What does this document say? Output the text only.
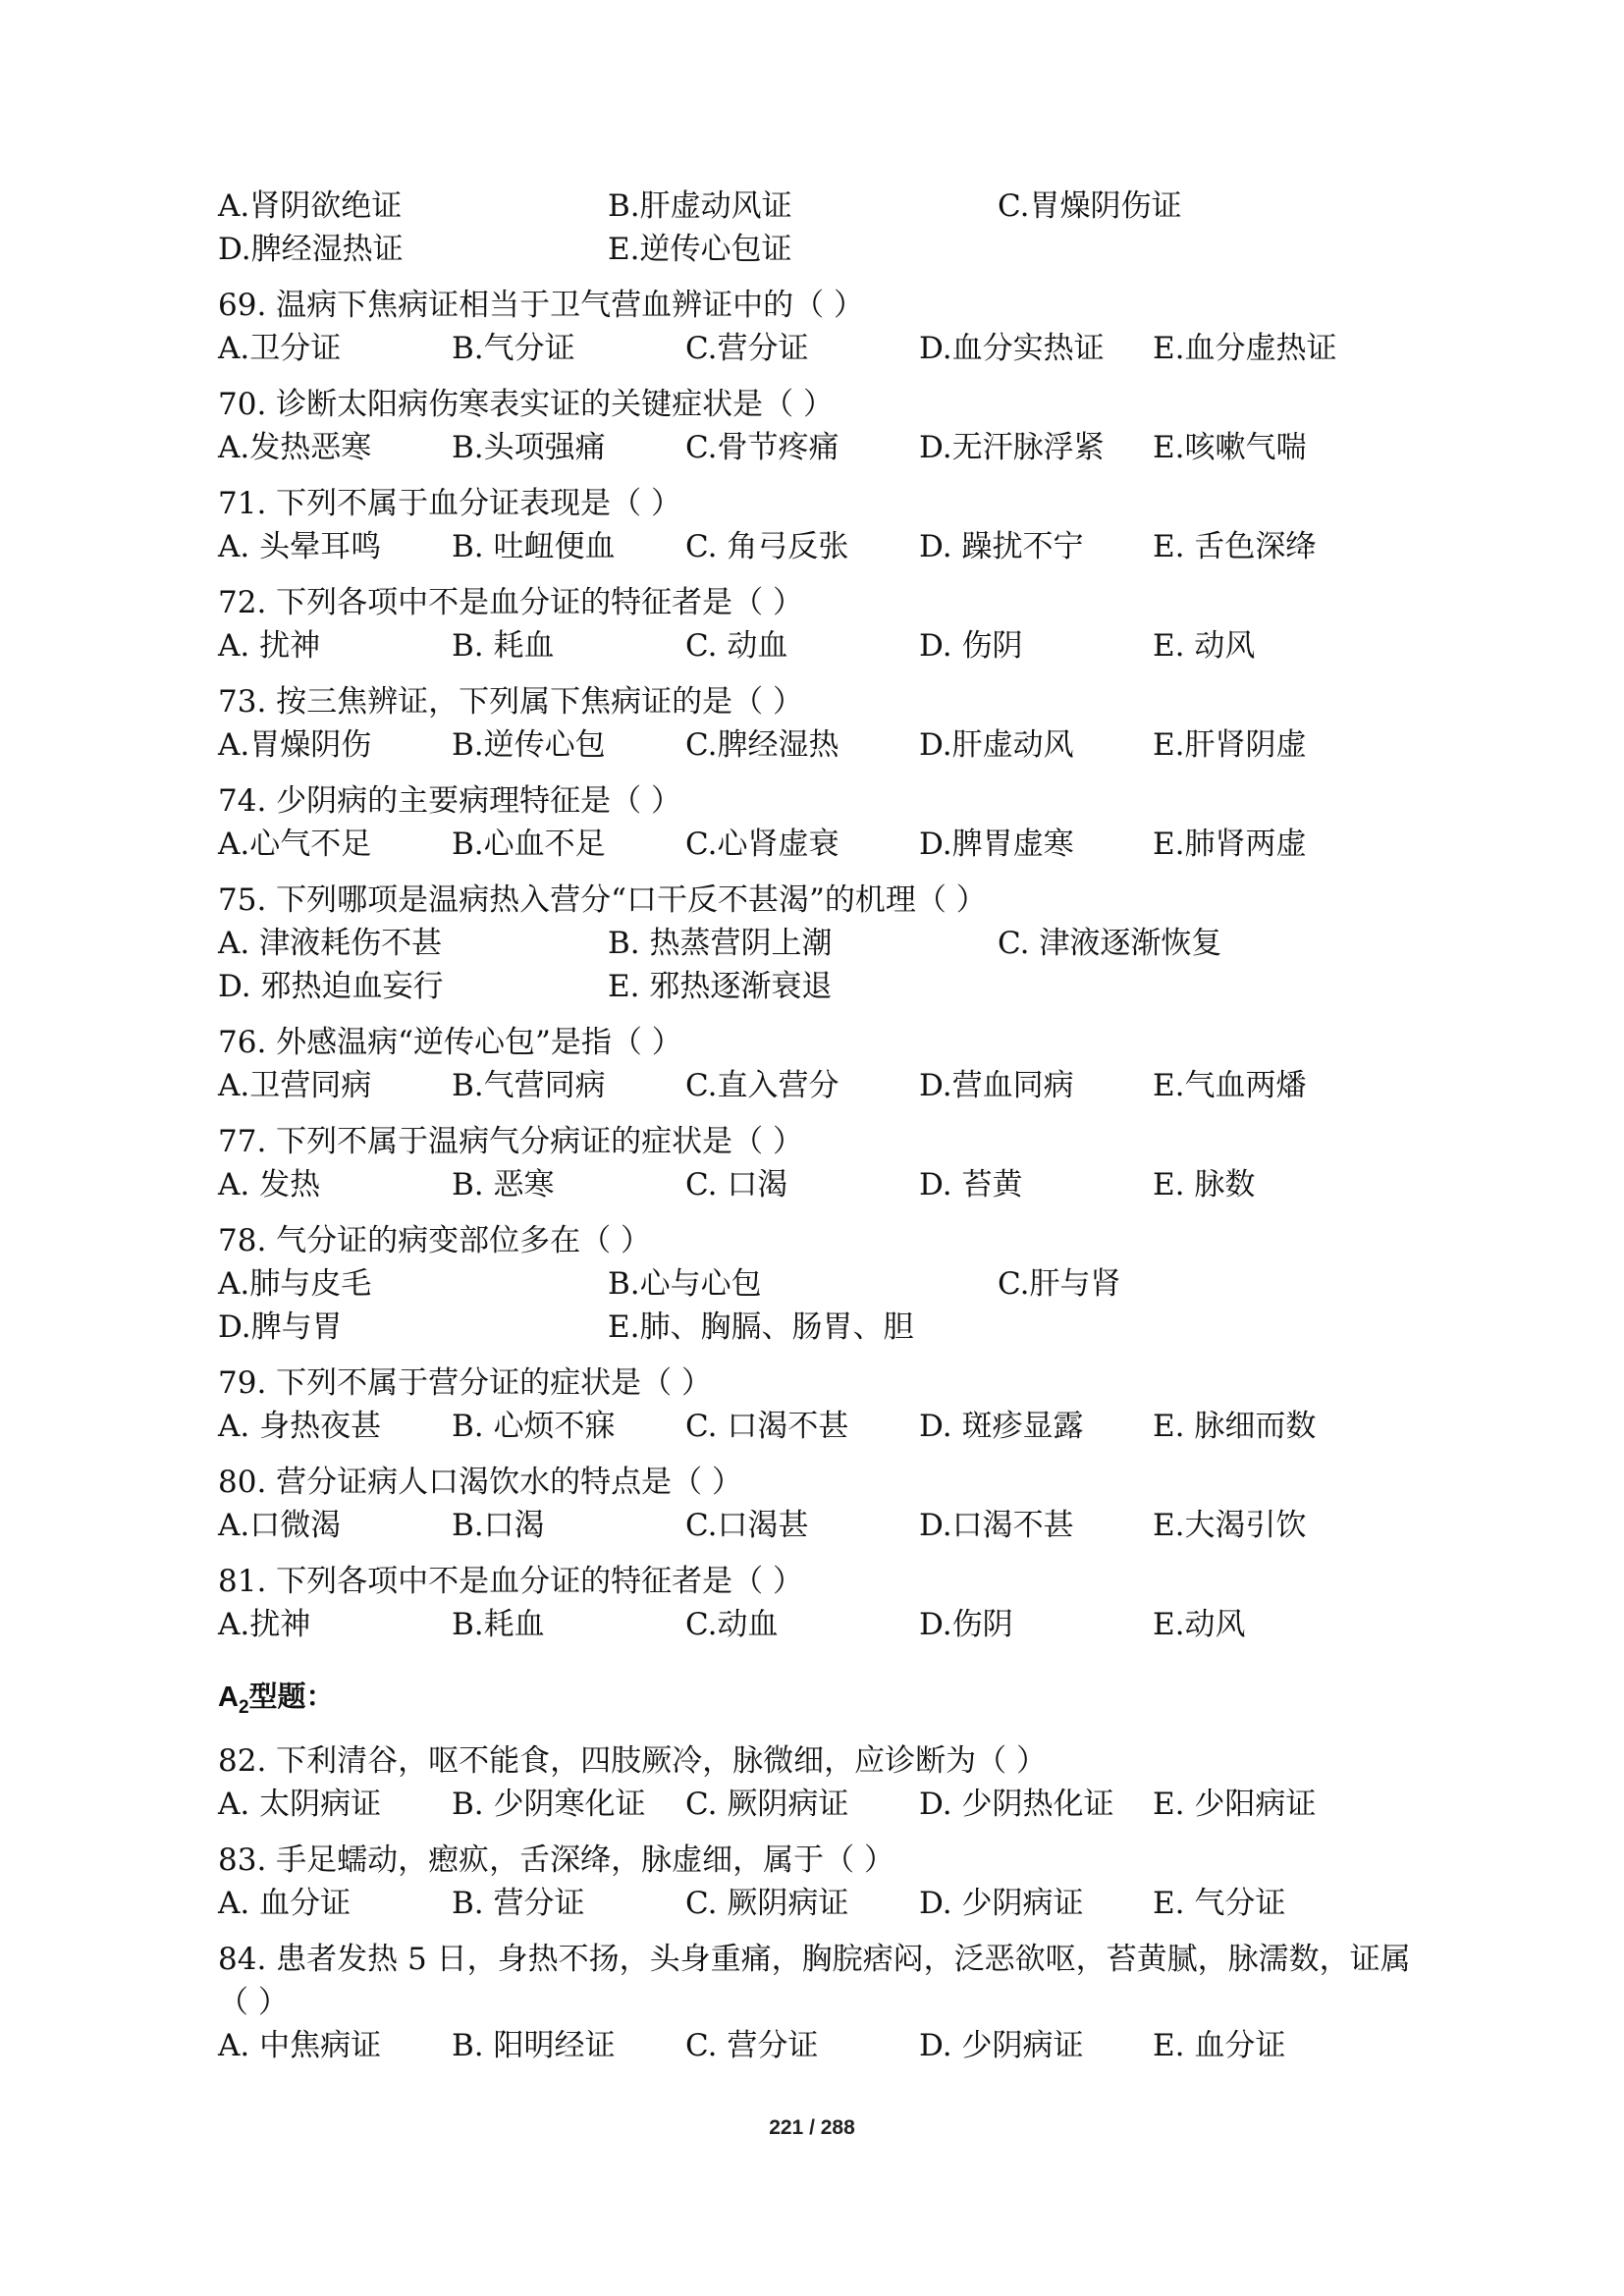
A.肾阴欲绝证	B.肝虚动风证	C.胃燥阴伤证
D.脾经湿热证	E.逆传心包证
69. 温病下焦病证相当于卫气营血辨证中的（ ）
A.卫分证	B.气分证	C.营分证	D.血分实热证	E.血分虚热证
70. 诊断太阳病伤寒表实证的关键症状是（ ）
A.发热恶寒	B.头项强痛	C.骨节疼痛	D.无汗脉浮紧	E.咳嗽气喘
71. 下列不属于血分证表现是（ ）
A. 头晕耳鸣	B. 吐衄便血	C. 角弓反张	D. 躁扰不宁	E. 舌色深绛
72. 下列各项中不是血分证的特征者是（ ）
A. 扰神	B. 耗血	C. 动血	D. 伤阴	E. 动风
73. 按三焦辨证，下列属下焦病证的是（ ）
A.胃燥阴伤	B.逆传心包	C.脾经湿热	D.肝虚动风	E.肝肾阴虚
74. 少阴病的主要病理特征是（ ）
A.心气不足	B.心血不足	C.心肾虚衰	D.脾胃虚寒	E.肺肾两虚
75. 下列哪项是温病热入营分“口干反不甚渴”的机理（ ）
A. 津液耗伤不甚	B. 热蒸营阴上潮	C. 津液逐渐恢复
D. 邪热迫血妄行	E. 邪热逐渐衰退
76. 外感温病“逆传心包”是指（ ）
A.卫营同病	B.气营同病	C.直入营分	D.营血同病	E.气血两燔
77. 下列不属于温病气分病证的症状是（ ）
A. 发热	B. 恶寒	C. 口渴	D. 苔黄	E. 脉数
78. 气分证的病变部位多在（ ）
A.肺与皮毛	B.心与心包	C.肝与肾
D.脾与胃	E.肺、胸膈、肠胃、胆
79. 下列不属于营分证的症状是（ ）
A. 身热夜甚	B. 心烦不寐	C. 口渴不甚	D. 斑疹显露	E. 脉细而数
80. 营分证病人口渴饮水的特点是（ ）
A.口微渴	B.口渴	C.口渴甚	D.口渴不甚	E.大渴引饮
81. 下列各项中不是血分证的特征者是（ ）
A.扰神	B.耗血	C.动血	D.伤阴	E.动风
$A_2$型题：
82. 下利清谷，呕不能食，四肢厥冷，脉微细，应诊断为（ ）
A. 太阴病证	B. 少阴寒化证	C. 厥阴病证	D. 少阴热化证	E. 少阳病证
83. 手足蠕动，瘛疭，舌深绛，脉虚细，属于（ ）
A. 血分证	B. 营分证	C. 厥阴病证	D. 少阴病证	E. 气分证
84. 患者发热 5 日，身热不扬，头身重痛，胸脘痞闷，泛恶欲呕，苔黄腻，脉濡数，证属（ ）
A. 中焦病证	B. 阳明经证	C. 营分证	D. 少阴病证	E. 血分证
221 / 288
